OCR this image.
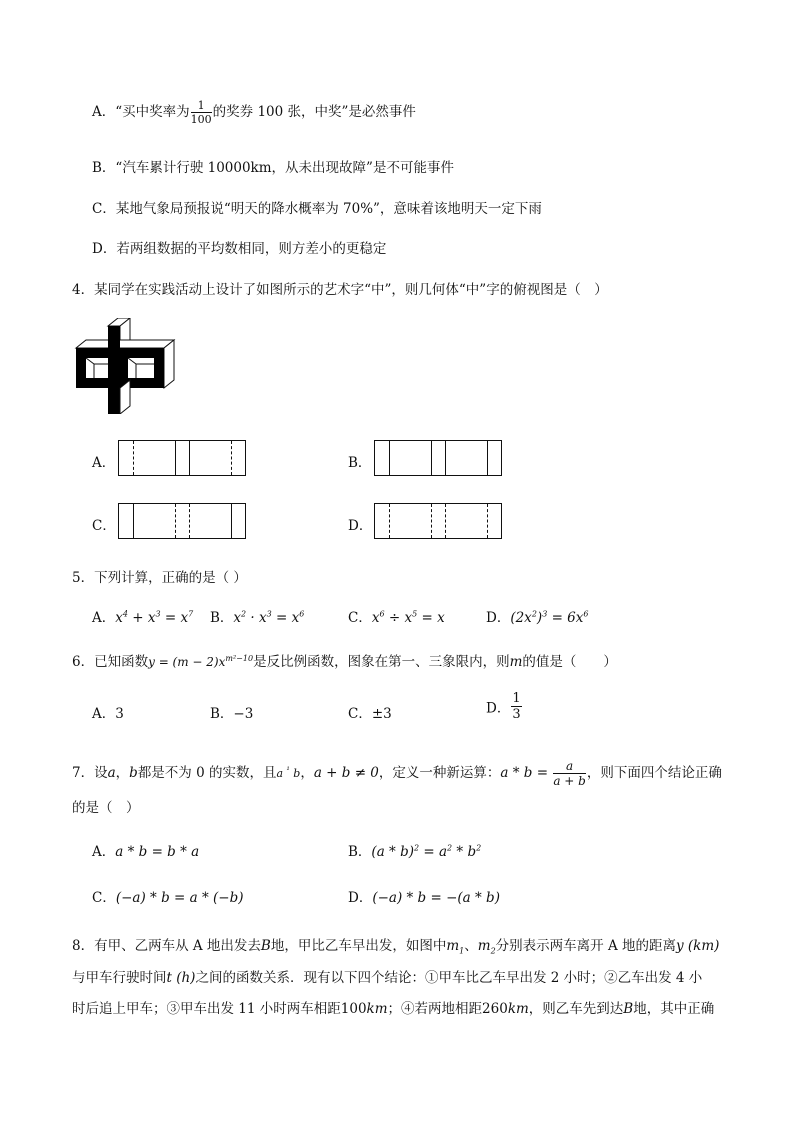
A．“买中奖率为 $\frac{1}{100}$ 的奖券 100 张，中奖”是必然事件
B．“汽车累计行驶 10000km，从未出现故障”是不可能事件
C．某地气象局预报说“明天的降水概率为 70%”，意味着该地明天一定下雨
D．若两组数据的平均数相同，则方差小的更稳定
4．某同学在实践活动上设计了如图所示的艺术字“中”，则几何体“中”字的俯视图是（　）
A．	B．
C．	D．
5．下列计算，正确的是（ ）
A．$x^4 + x^3 = x^7$ B．$x^2 \cdot x^3 = x^6$	C．$x^6 \div x^5 = x$	D．$(2x^2)^3 = 6x^6$
6．已知函数$y = (m - 2)x^{m^2-10}$是反比例函数，图象在第一、三象限内，则m的值是（　　）
A．3	B．−3	C．±3	D． $\frac{1}{3}$
7．设a，b都是不为 0 的实数，且a $^{^1}$ b，a + b ≠ 0，定义一种新运算：$a * b = \frac{a}{a + b}$ ，则下面四个结论正确
的是（　）
A．a * b = b * a	B．$(a * b)^2 = a^2 * b^2$
C．(−a) * b = a * (−b)	D．(−a) * b = −(a * b)
8．有甲、乙两车从 A 地出发去B地，甲比乙车早出发，如图中$m_1$、$m_2$分别表示两车离开 A 地的距离y (km)
与甲车行驶时间t (h)之间的函数关系．现有以下四个结论：①甲车比乙车早出发 2 小时；②乙车出发 4 小
时后追上甲车；③甲车出发 11 小时两车相距100km；④若两地相距260km，则乙车先到达B地，其中正确
